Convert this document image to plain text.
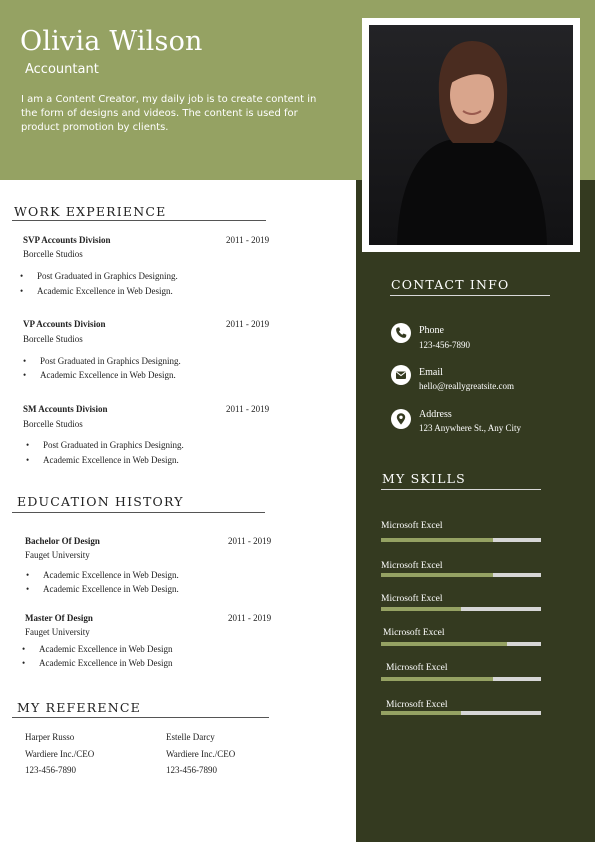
Olivia Wilson
Accountant
I am a Content Creator, my daily job is to create content in the form of designs and videos. The content is used for product promotion by clients.
WORK EXPERIENCE
SVP Accounts Division	2011 - 2019
Borcelle Studios
• Post Graduated in Graphics Designing.
• Academic Excellence in Web Design.
VP Accounts Division	2011 - 2019
Borcelle Studios
• Post Graduated in Graphics Designing.
• Academic Excellence in Web Design.
SM Accounts Division	2011 - 2019
Borcelle Studios
• Post Graduated in Graphics Designing.
• Academic Excellence in Web Design.
EDUCATION HISTORY
Bachelor Of Design	2011 - 2019
Fauget University
• Academic Excellence in Web Design.
• Academic Excellence in Web Design.
Master Of Design	2011 - 2019
Fauget University
• Academic Excellence in Web Design
• Academic Excellence in Web Design
MY REFERENCE
Harper Russo
Wardiere Inc./CEO
123-456-7890
Estelle Darcy
Wardiere Inc./CEO
123-456-7890
CONTACT INFO
Phone
123-456-7890
Email
hello@reallygreatsite.com
Address
123 Anywhere St., Any City
MY SKILLS
Microsoft Excel
Microsoft Excel
Microsoft Excel
Microsoft Excel
Microsoft Excel
Microsoft Excel
